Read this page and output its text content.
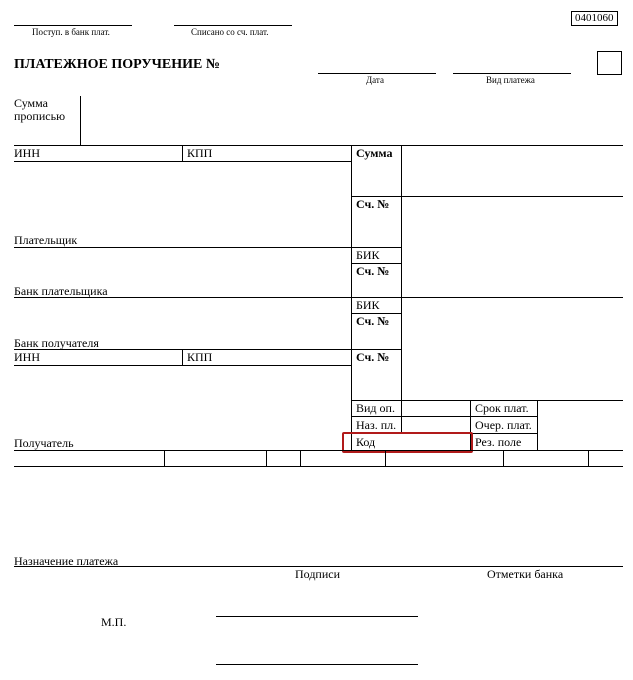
Поступ. в банк плат.	Списано со сч. плат.
0401060
ПЛАТЕЖНОЕ ПОРУЧЕНИЕ №
Дата	Вид платежа
Сумма прописью
ИНН	КПП	Сумма
Сч. №
Плательщик
БИК
Сч. №
Банк плательщика
БИК
Сч. №
Банк получателя
ИНН	КПП	Сч. №
Вид оп.	Срок плат.
Наз. пл.	Очер. плат.
Код	Рез. поле
Получатель
Назначение платежа
Подписи	Отметки банка
М.П.
